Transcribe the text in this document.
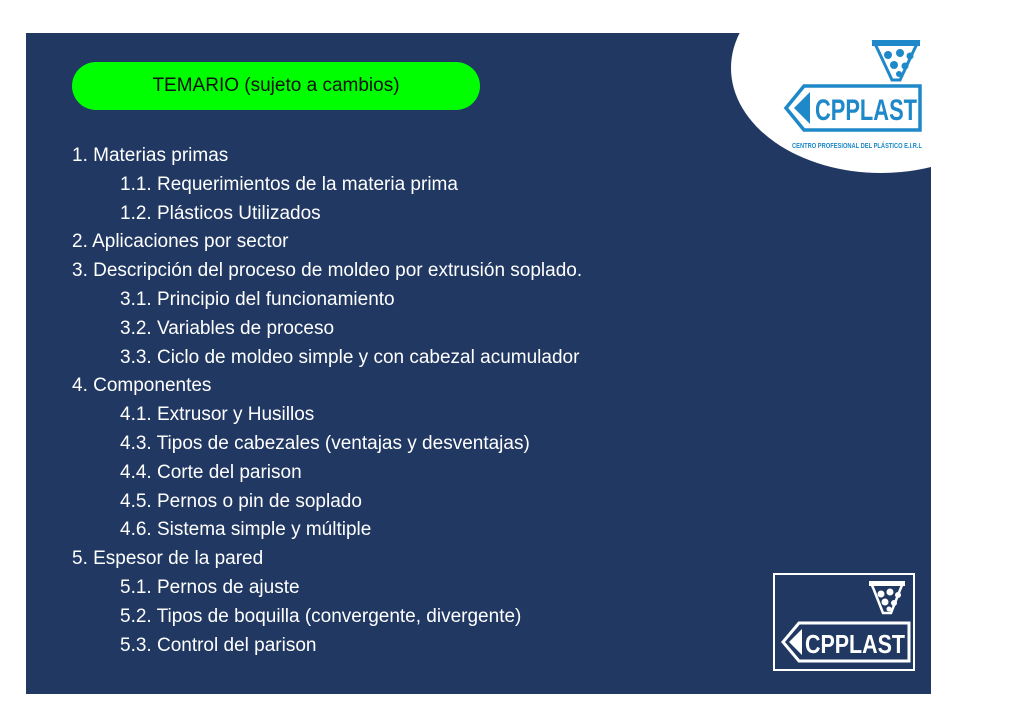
CPPLAST
CENTRO PROFESIONAL DEL PLÁSTICO E.I.R.L
TEMARIO (sujeto a cambios)
1. Materias primas
1.1. Requerimientos de la materia prima
1.2. Plásticos Utilizados
2. Aplicaciones por sector
3. Descripción del proceso de moldeo por extrusión soplado.
3.1. Principio del funcionamiento
3.2. Variables de proceso
3.3. Ciclo de moldeo simple y con cabezal acumulador
4. Componentes
4.1. Extrusor y Husillos
4.3. Tipos de cabezales (ventajas y desventajas)
4.4. Corte del parison
4.5. Pernos o pin de soplado
4.6. Sistema simple y múltiple
5. Espesor de la pared
5.1. Pernos de ajuste
5.2. Tipos de boquilla (convergente, divergente)
5.3. Control del parison	CPPLAST
